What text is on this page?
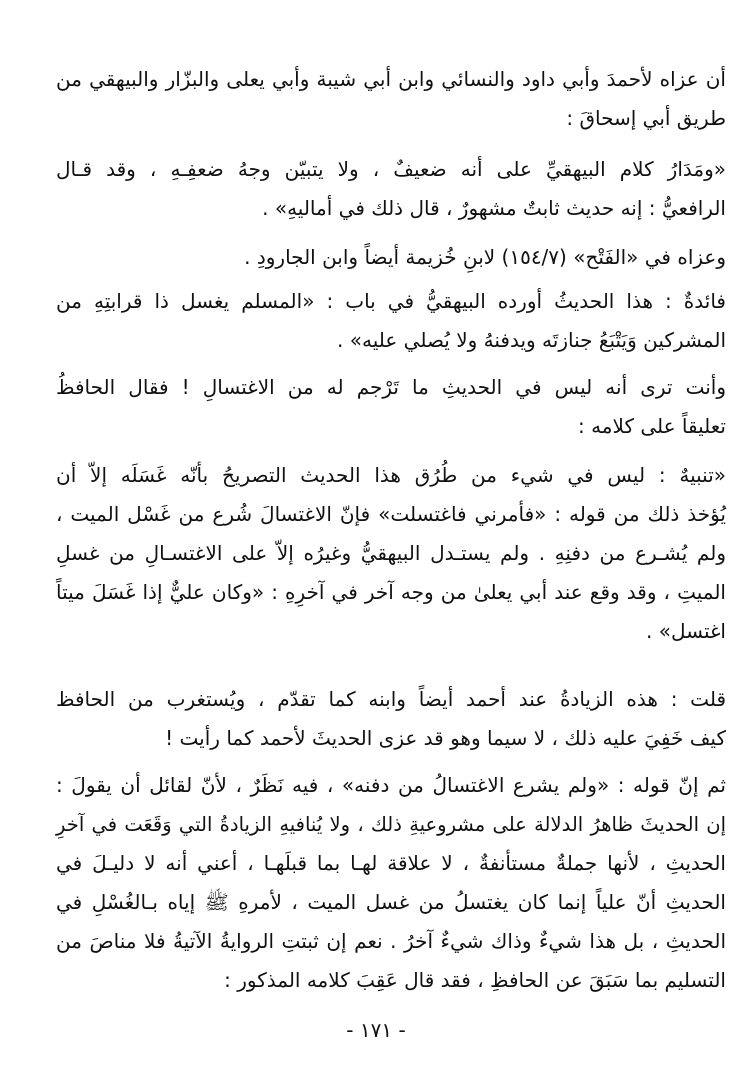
أن عزاه لأحمدَ وأبي داود والنسائي وابن أبي شيبة وأبي يعلى والبزّار والبيهقي من
طريق أبي إسحاقَ :
«ومَدَارُ كلام البيهقيِّ على أنه ضعيفٌ ، ولا يتبيّن وجهُ ضعفِـهِ ، وقد قـال
الرافعيُّ : إنه حديث ثابتٌ مشهورٌ ، قال ذلك في أماليهِ» .
وعزاه في «الفَتْح» (١٥٤/٧) لابنِ خُزيمة أيضاً وابن الجارودِ .
فائدةٌ : هذا الحديثُ أورده البيهقيُّ في باب : «المسلم يغسل ذا قرابتِهِ من
المشركين وَيَتْبَعُ جنازتَه ويدفنهُ ولا يُصلي عليه» .
وأنت ترى أنه ليس في الحديثِ ما تَرْجم له من الاغتسالِ ! فقال الحافظُ
تعليقاً على كلامه :
«تنبيهٌ : ليس في شيء من طُرُق هذا الحديث التصريحُ بأنّه غَسَلَه إلاّ أن
يُؤخذ ذلك من قوله : «فأمرني فاغتسلت» فإنّ الاغتسالَ شُرع من غَسْل الميت ،
ولم يُشـرع من دفنِهِ . ولم يستـدل البيهقيُّ وغيرُه إلاّ على الاغتسـالِ من غسلِ
الميتِ ، وقد وقع عند أبي يعلىٰ من وجه آخر في آخرِهِ : «وكان عليٌّ إذا غَسَلَ ميتاً
اغتسل» .
قلت : هذه الزيادةُ عند أحمد أيضاً وابنه كما تقدّم ، ويُستغرب من الحافظ
كيف خَفِيَ عليه ذلك ، لا سيما وهو قد عزى الحديثَ لأحمد كما رأيت !
ثم إنّ قوله : «ولم يشرع الاغتسالُ من دفنه» ، فيه نَظَرٌ ، لأنّ لقائل أن يقولَ :
إن الحديثَ ظاهرُ الدلالة على مشروعيةِ ذلك ، ولا يُنافيهِ الزيادةُ التي وَقَعَت في آخرِ
الحديثِ ، لأنها جملةٌ مستأنفةٌ ، لا علاقة لهـا بما قبلَهـا ، أعني أنه لا دليـلَ في
الحديثِ أنّ علياً إنما كان يغتسلُ من غسل الميت ، لأمرهِ ﷺ إياه بـالغُسْلِ في
الحديثِ ، بل هذا شيءٌ وذاك شيءٌ آخرُ . نعم إن ثبتتِ الروايةُ الآتيةُ فلا مناصَ من
التسليم بما سَبَقَ عن الحافظِ ، فقد قال عَقِبَ كلامه المذكور :
- ١٧١ -
